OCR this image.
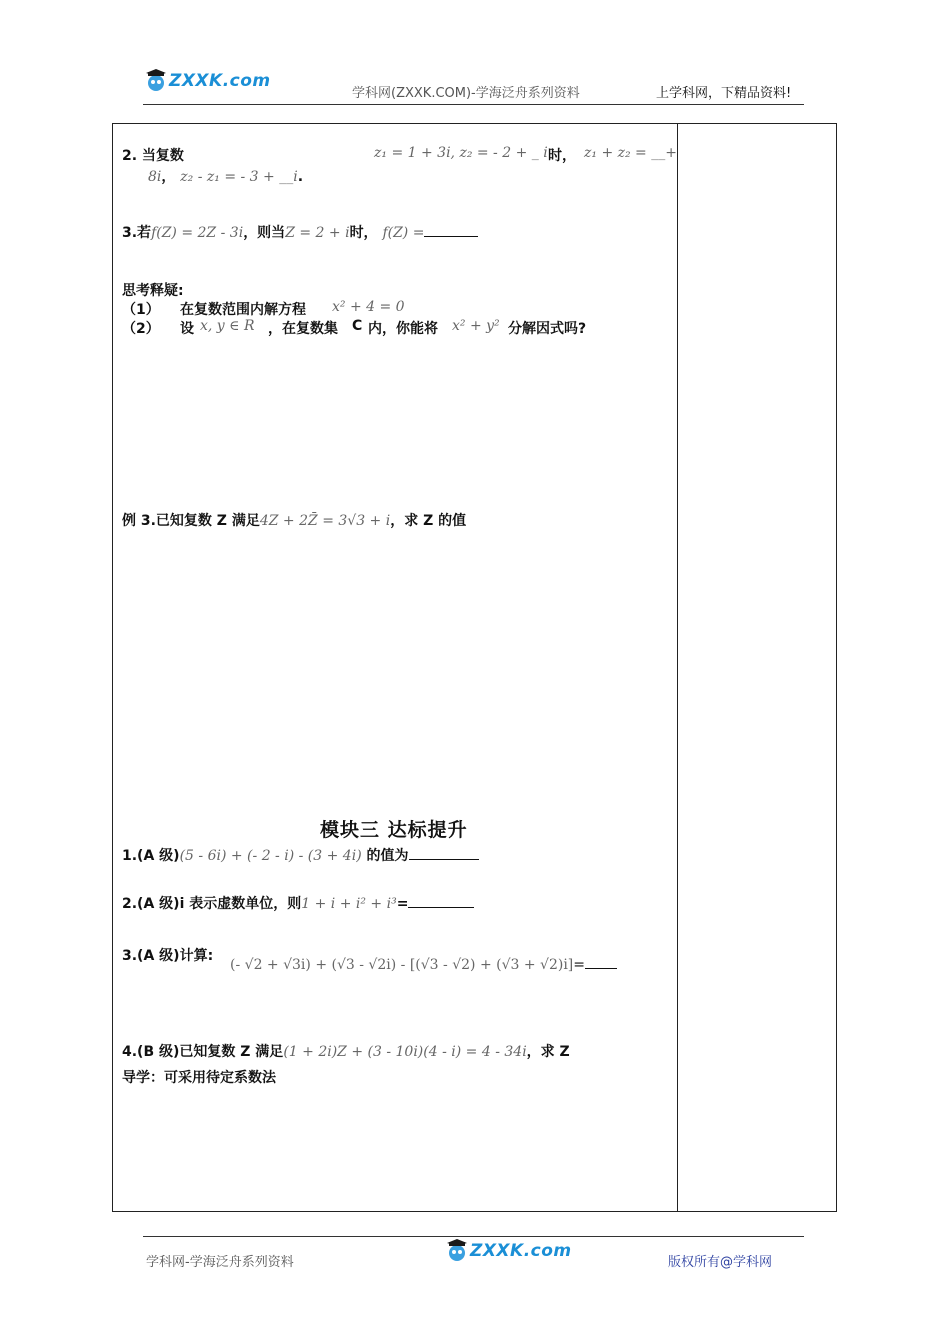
ZXXK.com
学科网(ZXXK.COM)-学海泛舟系列资料	上学科网，下精品资料!
2. 当复数	z₁ = 1 + 3i, z₂ = - 2 + _ i 时， z₁ + z₂ = __+
8i， z₂ - z₁ = - 3 + __i.
3.若f(Z) = 2Z - 3i，则当Z = 2 + i时， f(Z) =
思考释疑:
（1） 在复数范围内解方程 x² + 4 = 0
（2） 设 x, y ∈ R ，在复数集 C 内，你能将 x² + y² 分解因式吗?
例 3.已知复数 Z 满足4Z + 2Z̄ = 3√3 + i，求 Z 的值
模块三 达标提升
1.(A 级)(5 - 6i) + (- 2 - i) - (3 + 4i) 的值为
2.(A 级)i 表示虚数单位，则1 + i + i² + i³=
3.(A 级)计算:
(- √2 + √3i) + (√3 - √2i) - [(√3 - √2) + (√3 + √2)i]=
4.(B 级)已知复数 Z 满足(1 + 2i)Z + (3 - 10i)(4 - i) = 4 - 34i，求 Z
导学：可采用待定系数法
学科网-学海泛舟系列资料
ZXXK.com
版权所有@学科网
